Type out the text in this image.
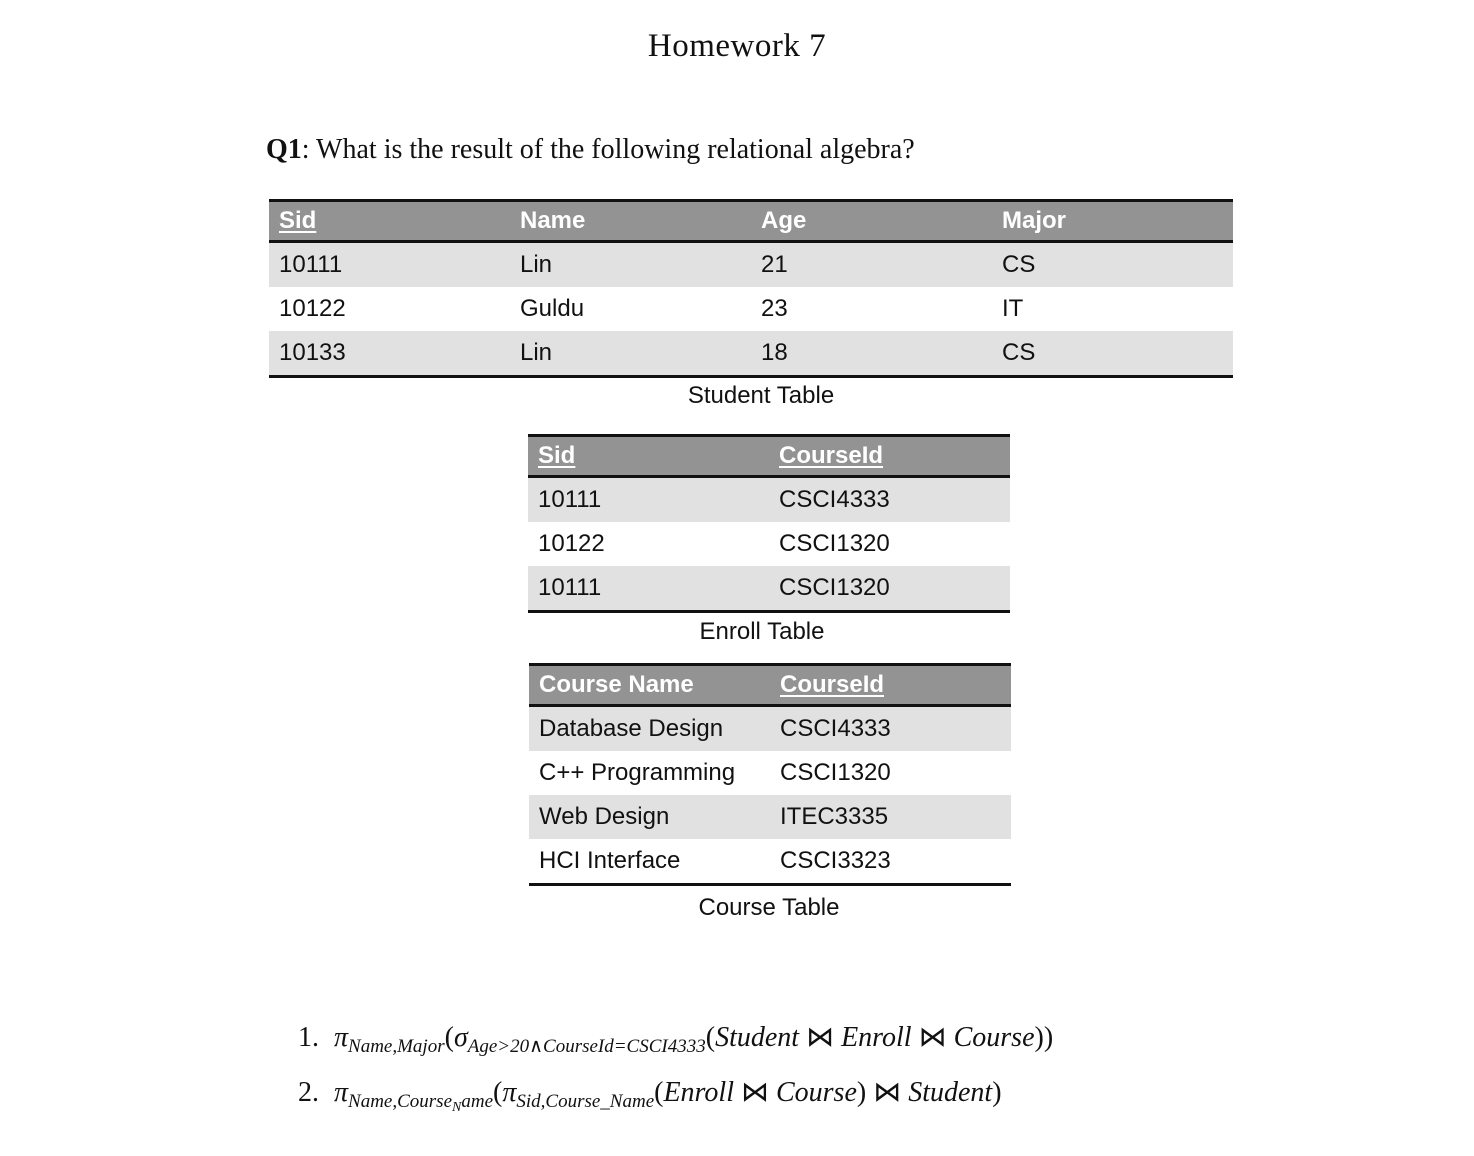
Homework 7
Q1: What is the result of the following relational algebra?
Sid	Name	Age	Major
10111	Lin	21	CS
10122	Guldu	23	IT
10133	Lin	18	CS
Student Table
Sid	CourseId
10111	CSCI4333
10122	CSCI1320
10111	CSCI1320
Enroll Table
Course Name	CourseId
Database Design	CSCI4333
C++ Programming	CSCI1320
Web Design	ITEC3335
HCI Interface	CSCI3323
Course Table
1. $\pi_{Name,Major}(\sigma_{Age>20\wedge CourseId=CSCI4333}(Student$ ⋈ Enroll ⋈ Course))
2. $\pi_{Name,Course_Name}(\pi_{Sid,Course\_Name}(Enroll$ ⋈ Course) ⋈ Student)
